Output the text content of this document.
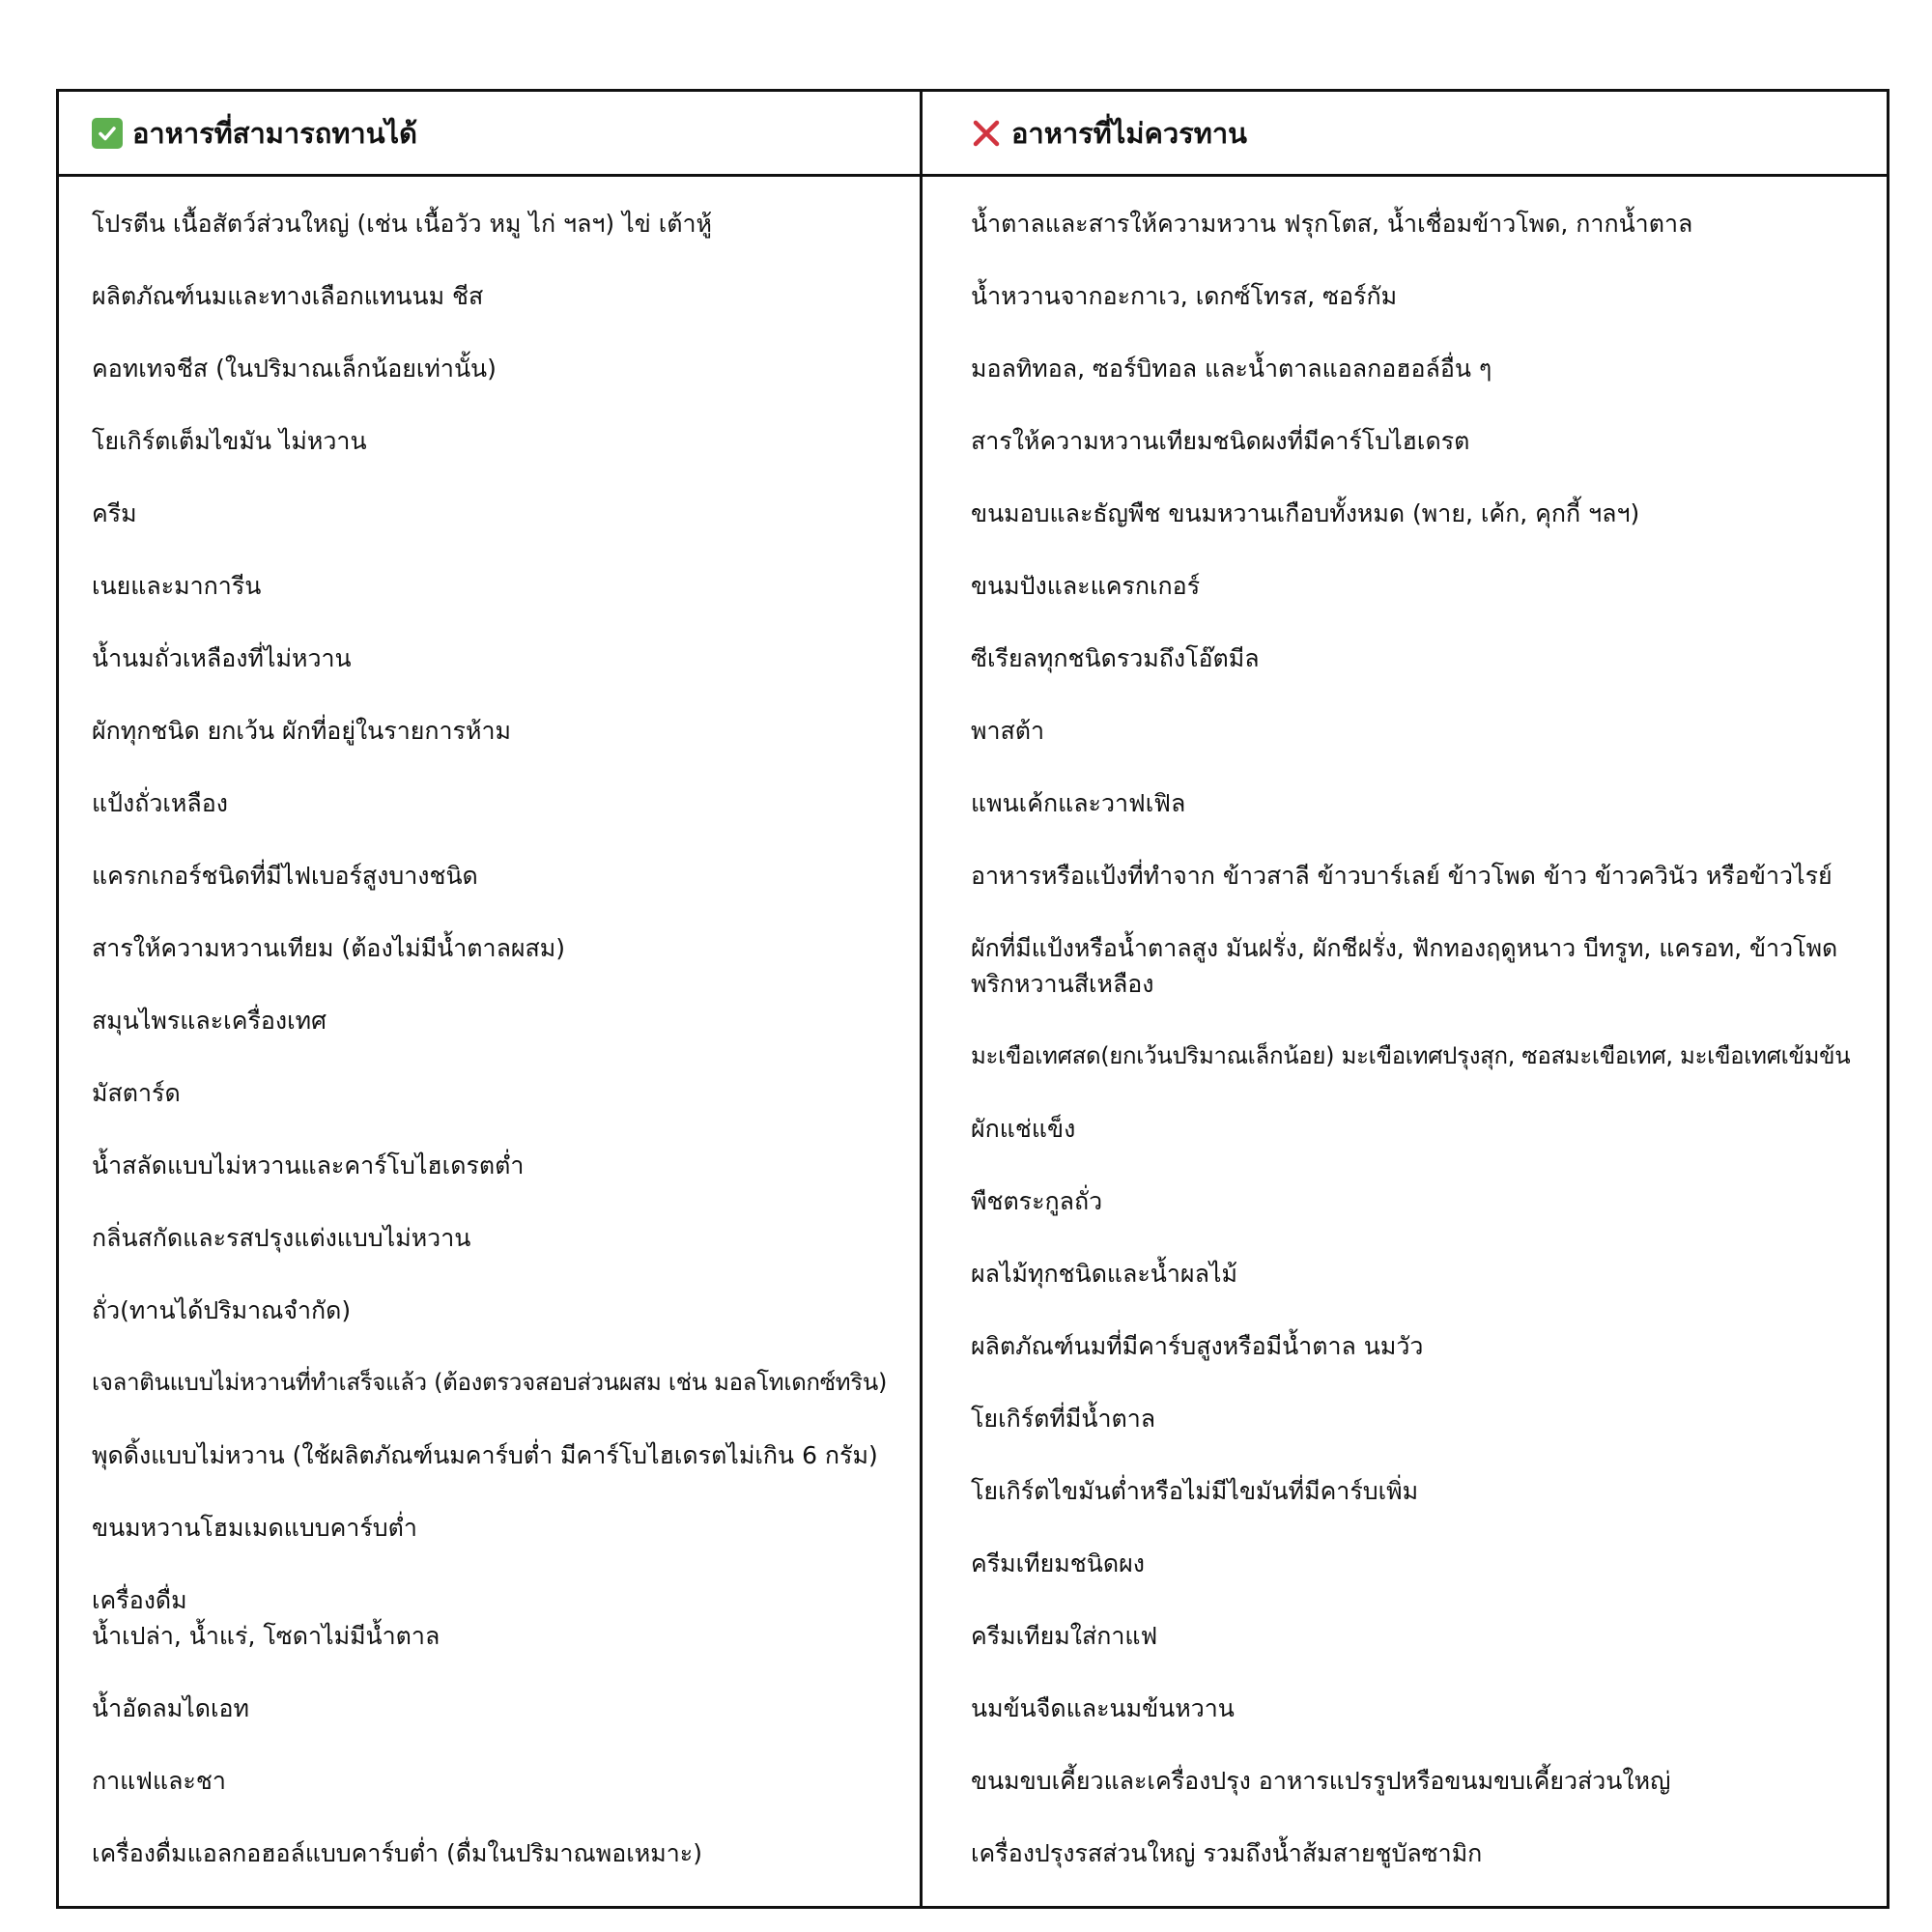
อาหารที่สามารถทานได้	อาหารที่ไม่ควรทาน
โปรตีน เนื้อสัตว์ส่วนใหญ่ (เช่น เนื้อวัว หมู ไก่ ฯลฯ) ไข่ เต้าหู้
ผลิตภัณฑ์นมและทางเลือกแทนนม ชีส
คอทเทจชีส (ในปริมาณเล็กน้อยเท่านั้น)
โยเกิร์ตเต็มไขมัน ไม่หวาน
ครีม
เนยและมาการีน
น้ำนมถั่วเหลืองที่ไม่หวาน
ผักทุกชนิด ยกเว้น ผักที่อยู่ในรายการห้าม
แป้งถั่วเหลือง
แครกเกอร์ชนิดที่มีไฟเบอร์สูงบางชนิด
สารให้ความหวานเทียม (ต้องไม่มีน้ำตาลผสม)
สมุนไพรและเครื่องเทศ
มัสตาร์ด
น้ำสลัดแบบไม่หวานและคาร์โบไฮเดรตต่ำ
กลิ่นสกัดและรสปรุงแต่งแบบไม่หวาน
ถั่ว(ทานได้ปริมาณจำกัด)
เจลาตินแบบไม่หวานที่ทำเสร็จแล้ว (ต้องตรวจสอบส่วนผสม เช่น มอลโทเดกซ์ทริน)
พุดดิ้งแบบไม่หวาน (ใช้ผลิตภัณฑ์นมคาร์บต่ำ มีคาร์โบไฮเดรตไม่เกิน 6 กรัม)
ขนมหวานโฮมเมดแบบคาร์บต่ำ
เครื่องดื่ม
น้ำเปล่า, น้ำแร่, โซดาไม่มีน้ำตาล
น้ำอัดลมไดเอท
กาแฟและชา
เครื่องดื่มแอลกอฮอล์แบบคาร์บต่ำ (ดื่มในปริมาณพอเหมาะ)
น้ำตาลและสารให้ความหวาน ฟรุกโตส, น้ำเชื่อมข้าวโพด, กากน้ำตาล
น้ำหวานจากอะกาเว, เดกซ์โทรส, ซอร์กัม
มอลทิทอล, ซอร์บิทอล และน้ำตาลแอลกอฮอล์อื่น ๆ
สารให้ความหวานเทียมชนิดผงที่มีคาร์โบไฮเดรต
ขนมอบและธัญพืช ขนมหวานเกือบทั้งหมด (พาย, เค้ก, คุกกี้ ฯลฯ)
ขนมปังและแครกเกอร์
ซีเรียลทุกชนิดรวมถึงโอ๊ตมีล
พาสต้า
แพนเค้กและวาฟเฟิล
อาหารหรือแป้งที่ทำจาก ข้าวสาลี ข้าวบาร์เลย์ ข้าวโพด ข้าว ข้าวควินัว หรือข้าวไรย์
ผักที่มีแป้งหรือน้ำตาลสูง มันฝรั่ง, ผักชีฝรั่ง, ฟักทองฤดูหนาว บีทรูท, แครอท, ข้าวโพด
พริกหวานสีเหลือง
มะเขือเทศสด(ยกเว้นปริมาณเล็กน้อย) มะเขือเทศปรุงสุก, ซอสมะเขือเทศ, มะเขือเทศเข้มข้น
ผักแช่แข็ง
พืชตระกูลถั่ว
ผลไม้ทุกชนิดและน้ำผลไม้
ผลิตภัณฑ์นมที่มีคาร์บสูงหรือมีน้ำตาล นมวัว
โยเกิร์ตที่มีน้ำตาล
โยเกิร์ตไขมันต่ำหรือไม่มีไขมันที่มีคาร์บเพิ่ม
ครีมเทียมชนิดผง
ครีมเทียมใส่กาแฟ
นมข้นจืดและนมข้นหวาน
ขนมขบเคี้ยวและเครื่องปรุง อาหารแปรรูปหรือขนมขบเคี้ยวส่วนใหญ่
เครื่องปรุงรสส่วนใหญ่ รวมถึงน้ำส้มสายชูบัลซามิก
